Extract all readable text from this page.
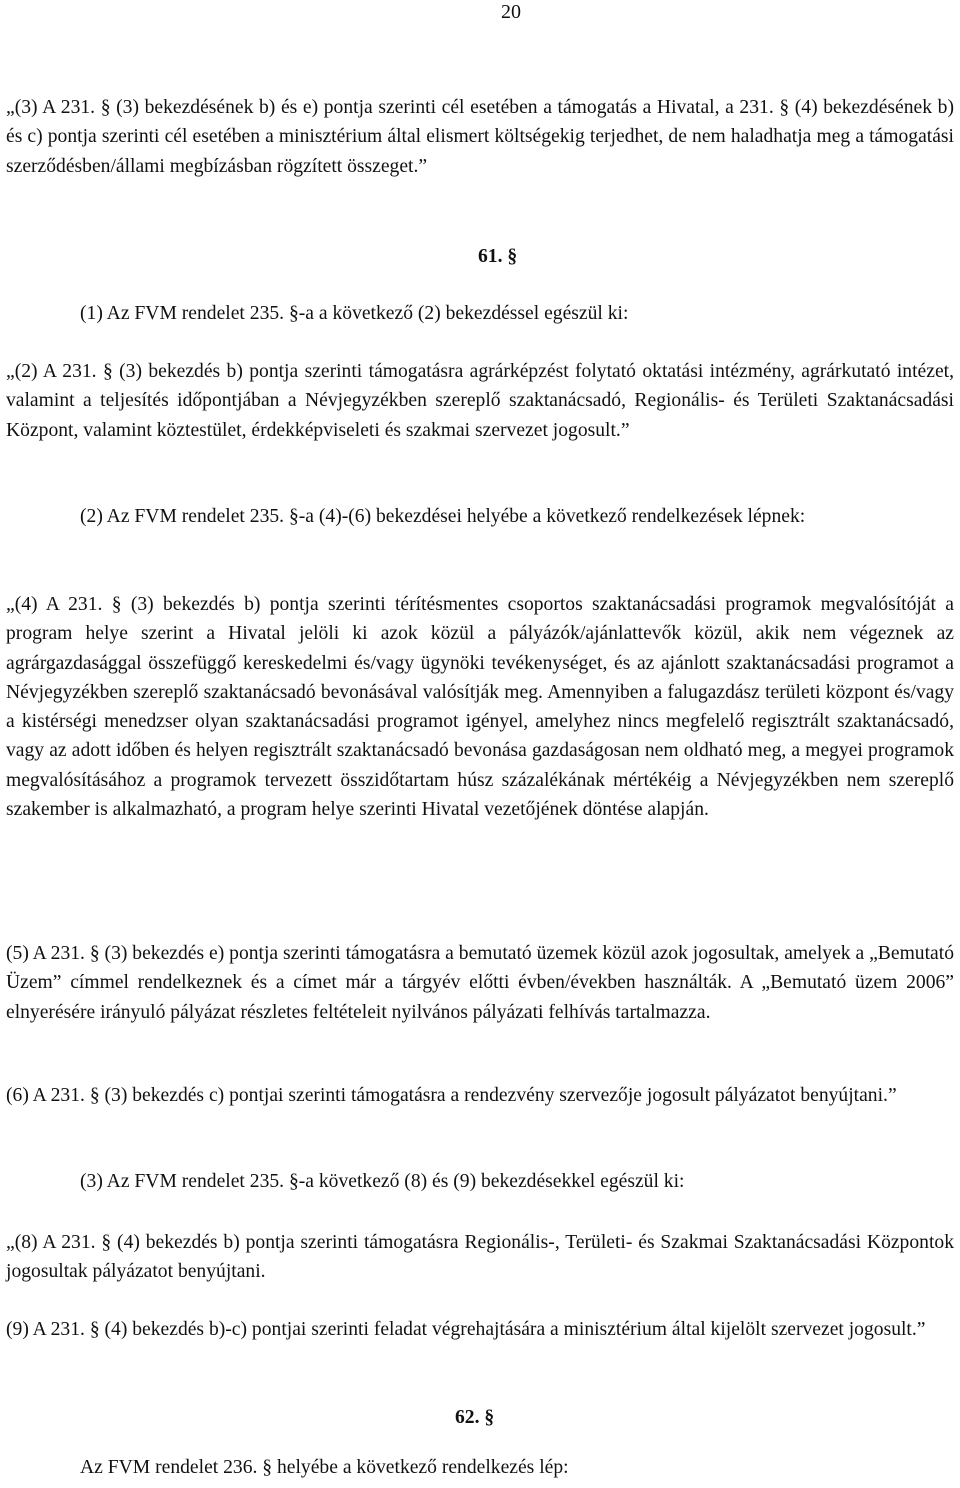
20
„(3) A 231. § (3) bekezdésének b) és e) pontja szerinti cél esetében a támogatás a Hivatal, a 231. § (4) bekezdésének b) és c) pontja szerinti cél esetében a minisztérium által elismert költségekig terjedhet, de nem haladhatja meg a támogatási szerződésben/állami megbízásban rögzített összeget.”
61. §
(1) Az FVM rendelet 235. §-a a következő (2) bekezdéssel egészül ki:
„(2) A 231. § (3) bekezdés b) pontja szerinti támogatásra agrárképzést folytató oktatási intézmény, agrárkutató intézet, valamint a teljesítés időpontjában a Névjegyzékben szereplő szaktanácsadó, Regionális- és Területi Szaktanácsadási Központ, valamint köztestület, érdekképviseleti és szakmai szervezet jogosult.”
(2) Az FVM rendelet 235. §-a (4)-(6) bekezdései helyébe a következő rendelkezések lépnek:
„(4) A 231. § (3) bekezdés b) pontja szerinti térítésmentes csoportos szaktanácsadási programok megvalósítóját a program helye szerint a Hivatal jelöli ki azok közül a pályázók/ajánlattevők közül, akik nem végeznek az agrárgazdasággal összefüggő kereskedelmi és/vagy ügynöki tevékenységet, és az ajánlott szaktanácsadási programot a Névjegyzékben szereplő szaktanácsadó bevonásával valósítják meg. Amennyiben a falugazdász területi központ és/vagy a kistérségi menedzser olyan szaktanácsadási programot igényel, amelyhez nincs megfelelő regisztrált szaktanácsadó, vagy az adott időben és helyen regisztrált szaktanácsadó bevonása gazdaságosan nem oldható meg, a megyei programok megvalósításához a programok tervezett összidőtartam húsz százalékának mértékéig a Névjegyzékben nem szereplő szakember is alkalmazható, a program helye szerinti Hivatal vezetőjének döntése alapján.
(5) A 231. § (3) bekezdés e) pontja szerinti támogatásra a bemutató üzemek közül azok jogosultak, amelyek a „Bemutató Üzem” címmel rendelkeznek és a címet már a tárgyév előtti évben/években használták. A „Bemutató üzem 2006” elnyerésére irányuló pályázat részletes feltételeit nyilvános pályázati felhívás tartalmazza.
(6) A 231. § (3) bekezdés c) pontjai szerinti támogatásra a rendezvény szervezője jogosult pályázatot benyújtani.”
(3) Az FVM rendelet 235. §-a következő (8) és (9) bekezdésekkel egészül ki:
„(8) A 231. § (4) bekezdés b) pontja szerinti támogatásra Regionális-, Területi- és Szakmai Szaktanácsadási Központok jogosultak pályázatot benyújtani.
(9) A 231. § (4) bekezdés b)-c) pontjai szerinti feladat végrehajtására a minisztérium által kijelölt szervezet jogosult.”
62. §
Az FVM rendelet 236. § helyébe a következő rendelkezés lép:
